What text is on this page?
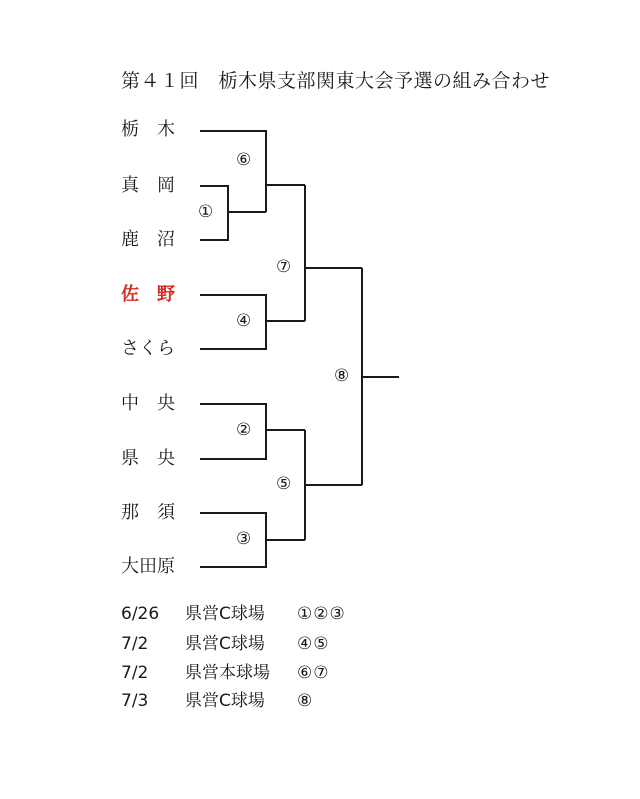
第４１回　栃木県支部関東大会予選の組み合わせ
栃　木
真　岡
鹿　沼
佐　野
さくら
中　央
県　央
那　須
大田原
①
②
③
④
⑤
⑥
⑦
⑧
6/26 県営C球場 ①②③
7/2 県営C球場 ④⑤
7/2 県営本球場 ⑥⑦
7/3 県営C球場 ⑧
